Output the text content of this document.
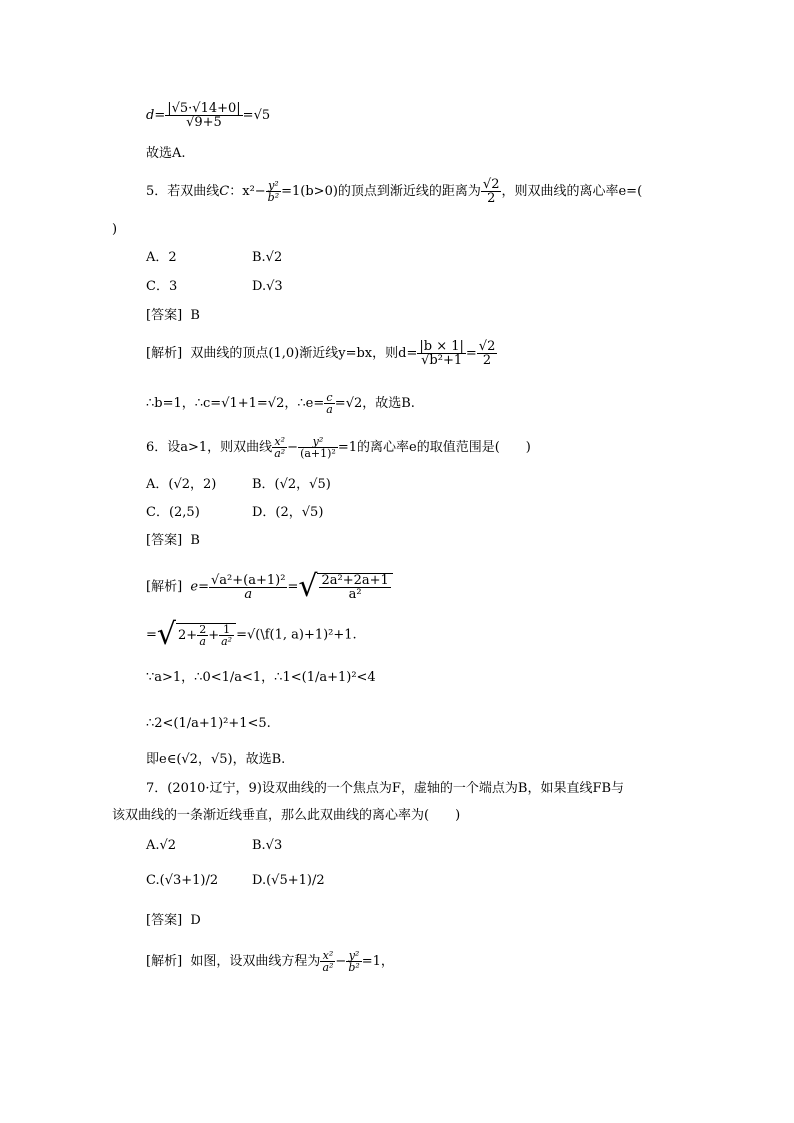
$d= \frac{|√5\cdot√14+0|}{√9+5} =√5$
故选A.
5．若双曲线C：$x^2- \frac{\text{y²}}{\text{b²}} =1(b>0)$的顶点到渐近线的距离为 $\frac{√2}{2}$ ，则双曲线的离心率e=(
)
A．2	B.√2
C．3	D.√3
[答案] B
[解析] 双曲线的顶点(1,0)渐近线y=bx，则$d= \frac{|b \times 1|}{\text{√b²+1}} = \frac{√2}{2}$
∴b=1，∴c=√1+1=√2，∴e= $\frac{c}{a} =√2$，故选B.
6．设a>1，则双曲线 $\frac{\text{x²}}{\text{a²}} - \frac{\text{y²}}{\text{(a+1)²}} =1$的离心率e的取值范围是(　　)
A．(√2，2)	B．(√2，√5)
C．(2,5)	D．(2，√5)
[答案] B
[解析] $e= \frac{\text{√a²+(a+1)²}}{a}$ =√ $\frac{\text{2a²+2a+1}}{\text{a²}}$
=√ $2+ \frac{2}{a} + \frac{1}{\text{a²}}$ =√(\f(1, a)+1)²+1.
∵a>1，∴0<1/a<1，∴1<(1/a+1)²<4
∴2<(1/a+1)²+1<5.
即e∈(√2，√5)，故选B.
7．(2010·辽宁，9)设双曲线的一个焦点为F，虚轴的一个端点为B，如果直线FB与
该双曲线的一条渐近线垂直，那么此双曲线的离心率为(　　)
A.√2	B.√3
C.(√3+1)/2	D.(√5+1)/2
[答案] D
[解析] 如图，设双曲线方程为 $\frac{\text{x²}}{\text{a²}} - \frac{\text{y²}}{\text{b²}} =1$，
